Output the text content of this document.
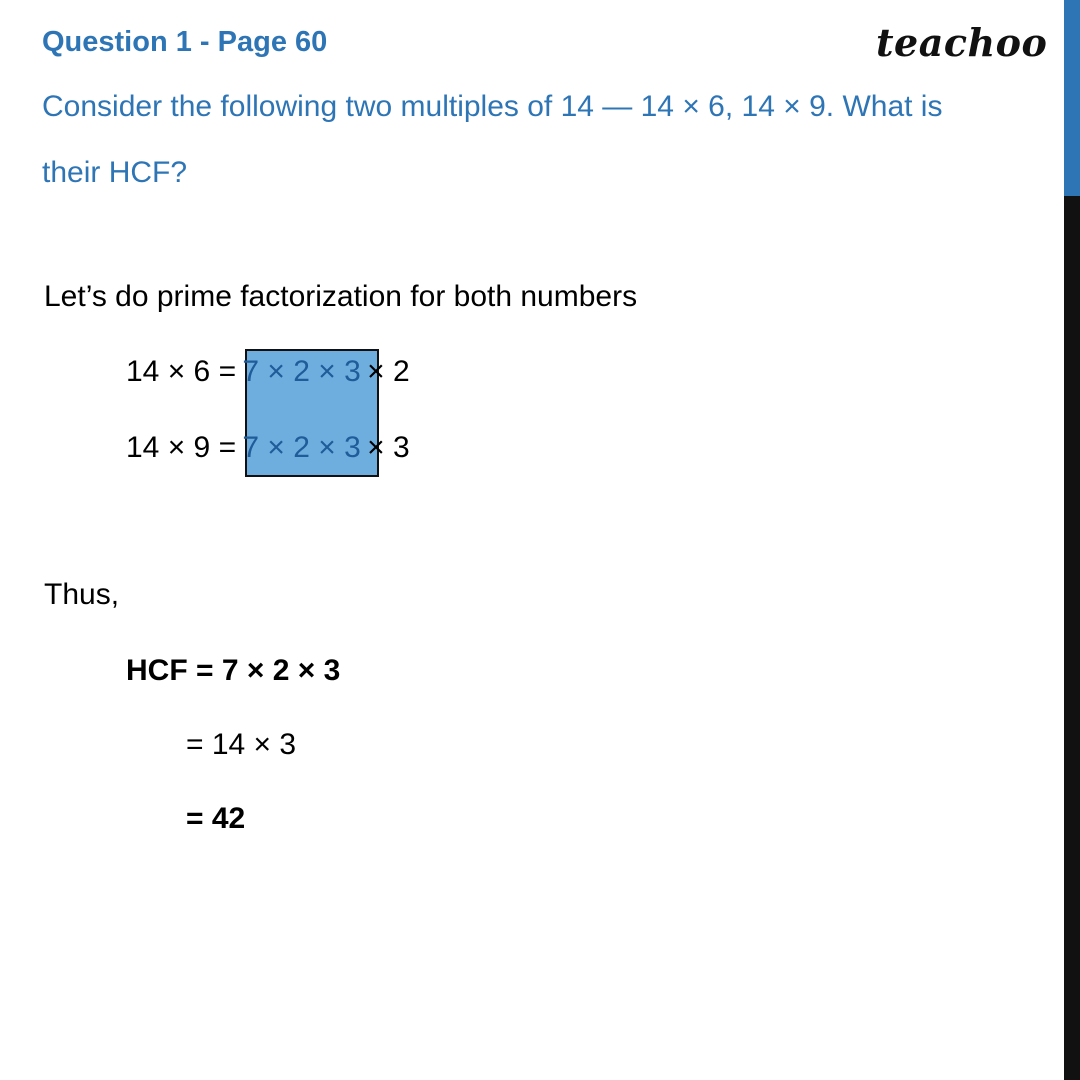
Question 1 - Page 60	teachoo
Consider the following two multiples of 14 — 14 × 6, 14 × 9. What is
their HCF?
Let’s do prime factorization for both numbers
14 × 6 = 7 × 2 × 3 × 2
14 × 9 = 7 × 2 × 3 × 3
Thus,
HCF = 7 × 2 × 3
= 14 × 3
= 42
